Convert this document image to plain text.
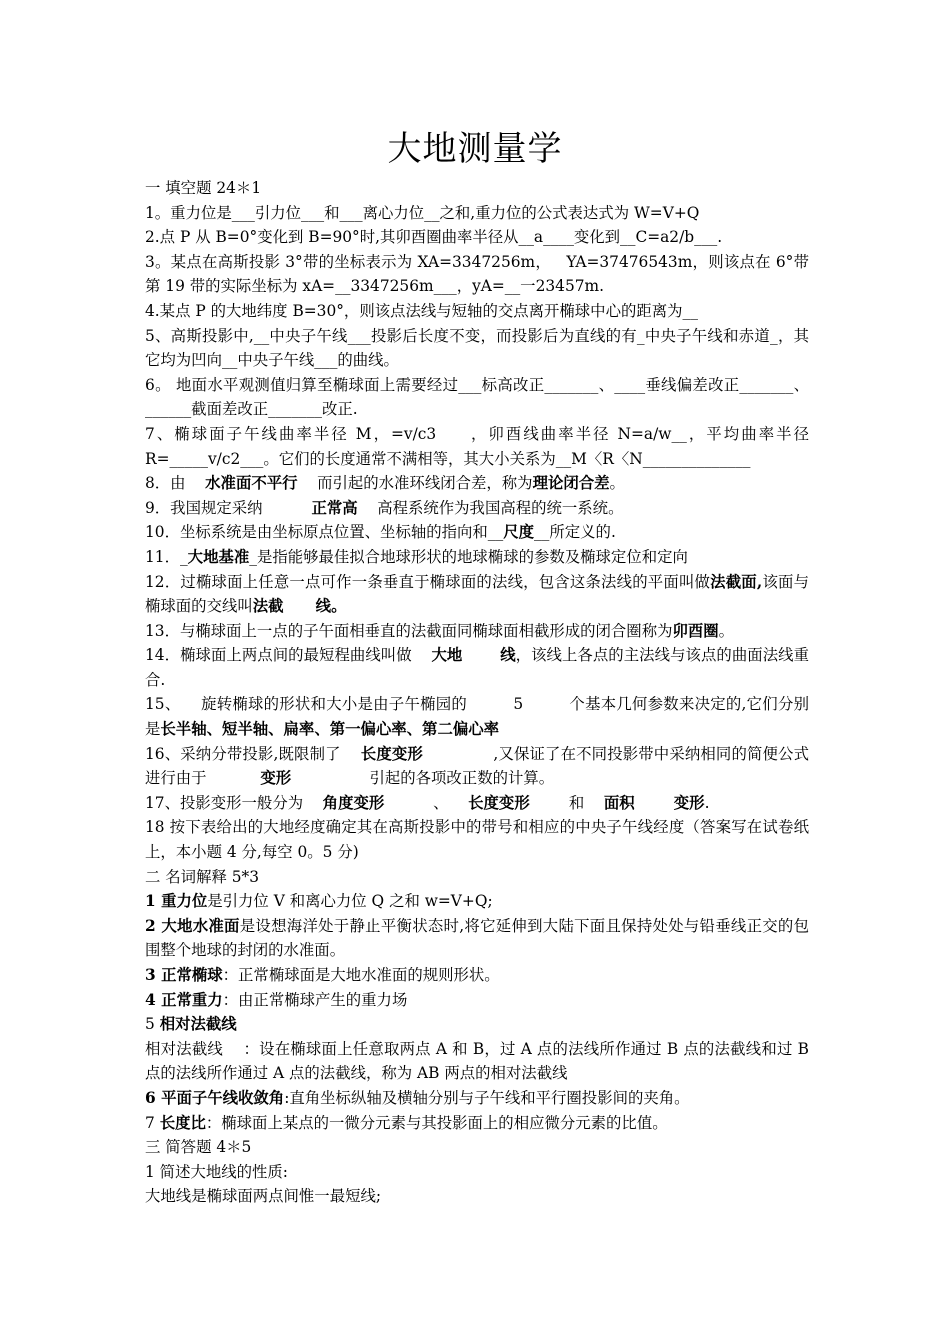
大地测量学

一 填空题 24＊1

1。重力位是___引力位___和___离心力位__之和,重力位的公式表达式为 W=V+Q

2.点 P 从 B=0°变化到 B=90°时,其卯酉圈曲率半径从__a____变化到__C=a2/b___.

3。某点在高斯投影 3°带的坐标表示为 XA=3347256m，   YA=37476543m，则该点在 6°带第 19 带的实际坐标为 xA=__3347256m___，yA=__一23457m.

4.某点 P 的大地纬度 B=30°，则该点法线与短轴的交点离开椭球中心的距离为__

5、高斯投影中,__中央子午线___投影后长度不变，而投影后为直线的有_中央子午线和赤道_，其它均为凹向__中央子午线___的曲线。

6。 地面水平观测值归算至椭球面上需要经过___标高改正_______、____垂线偏差改正_______、______截面差改正_______改正.

7、椭球面子午线曲率半径 M，=v/c3     ，卯酉线曲率半径 N=a/w__，平均曲率半径 R=_____v/c2___。它们的长度通常不满相等，其大小关系为__M〈R〈N______________

8．由    水准面不平行    而引起的水准环线闭合差，称为理论闭合差。

9．我国规定采纳          正常高    高程系统作为我国高程的统一系统。

10．坐标系统是由坐标原点位置、坐标轴的指向和__尺度__所定义的.

11．_大地基准_是指能够最佳拟合地球形状的地球椭球的参数及椭球定位和定向

12．过椭球面上任意一点可作一条垂直于椭球面的法线，包含这条法线的平面叫做法截面,该面与椭球面的交线叫法截      线。

13．与椭球面上一点的子午面相垂直的法截面同椭球面相截形成的闭合圈称为卯酉圈。

14．椭球面上两点间的最短程曲线叫做    大地       线，该线上各点的主法线与该点的曲面法线重合.

15、    旋转椭球的形状和大小是由子午椭园的         5         个基本几何参数来决定的,它们分别是长半轴、短半轴、扁率、第一偏心率、第二偏心率

16、采纳分带投影,既限制了    长度变形              ,又保证了在不同投影带中采纳相同的简便公式进行由于           变形                引起的各项改正数的计算。

17、投影变形一般分为    角度变形          、    长度变形        和    面积	变形.

18 按下表给出的大地经度确定其在高斯投影中的带号和相应的中央子午线经度（答案写在试卷纸上，本小题 4 分,每空 0。5 分)

二 名词解释 5*3

1 重力位是引力位 V 和离心力位 Q 之和 w=V+Q;

2 大地水准面是设想海洋处于静止平衡状态时,将它延伸到大陆下面且保持处处与铅垂线正交的包围整个地球的封闭的水准面。

3 正常椭球：正常椭球面是大地水准面的规则形状。

4 正常重力：由正常椭球产生的重力场

5 相对法截线

相对法截线    ：设在椭球面上任意取两点 A 和 B，过 A 点的法线所作通过 B 点的法截线和过 B 点的法线所作通过 A 点的法截线，称为 AB 两点的相对法截线

6 平面子午线收敛角:直角坐标纵轴及横轴分别与子午线和平行圈投影间的夹角。

7 长度比：椭球面上某点的一微分元素与其投影面上的相应微分元素的比值。

三 简答题 4＊5

1 简述大地线的性质:

大地线是椭球面两点间惟一最短线;
